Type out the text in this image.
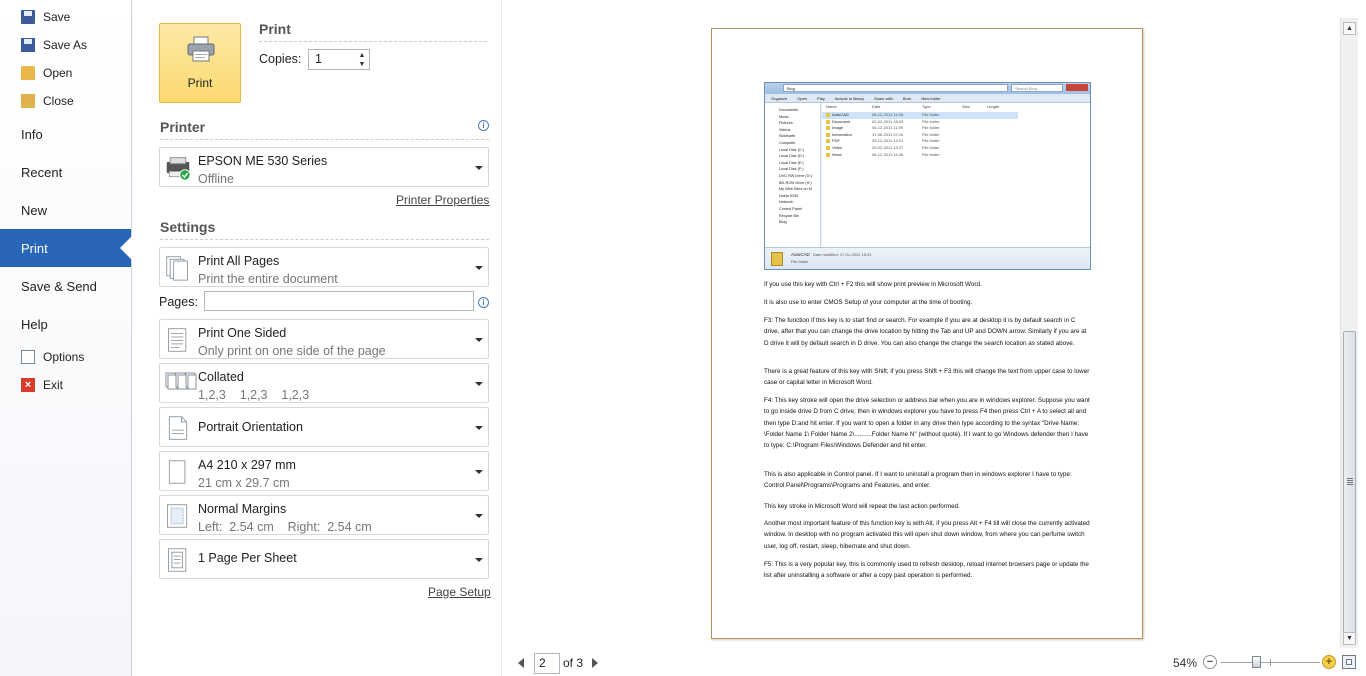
Save
Save As
Open
Close
Info
Recent
New
Print
Save & Send
Help
Options
× Exit
Print
Print
Copies:	1	▲
▼
Printer	i
EPSON ME 530 Series
Offline
Printer Properties
Settings
Print All Pages
Print the entire document
Pages:	i
Print One Sided
Only print on one side of the page
Collated
1,2,3    1,2,3    1,2,3
Portrait Orientation
A4 210 x 297 mm
21 cm x 29.7 cm
Normal Margins
Left:  2.54 cm    Right:  2.54 cm
1 Page Per Sheet
Page Setup
Blog	Search Blog
Organize	Open	Play	Include in library	Share with	Burn	New folder
Documents
Music
Pictures
Videos
Siddharth
Computer
Local Disk (C:)
Local Disk (D:)
Local Disk (E:)
Local Disk (F:)
DVD RW Drive (G:)
BD-ROM Drive (H:)
My Web Sites on M
Nokia 5230
Network
Control Panel
Recycle Bin
Blog
Name	Date	Type	Size	Length
AutoCAD	06-12-2011 11:08	File folder
Document	02-02-2011 18:03	File folder
Image	06-12-2011 11:59	File folder
Information	17-06-2011 22:10	File folder
PDF	29-12-2011 13:21	File folder
Video	20-02-2011 19:27	File folder
Word	06-12-2011 11:08	File folder
AutoCAD Date modified: 17-01-2012 15:41
File folder
If you use this key with Ctrl + F2 this will show print preview in Microsoft Word.
It is also use to enter CMOS Setup of your computer at the time of booting.
F3: The function if this key is to start find or search. For example if you are at desktop it is by default search in C drive, after that you can change the drive location by hitting the Tab and UP and DOWN arrow. Similarly if you are at D drive it will by default search in D drive. You can also change the change the search location as stated above.
There is a great feature of this key with Shift; if you press Shift + F3 this will change the text from upper case to lower case or capital letter in Microsoft Word.
F4: This key stroke will open the drive selection or address bar when you are in windows explorer. Suppose you want to go inside drive D from C drive, then in windows explorer you have to press F4 then press Ctrl + A to select all and then type D:and hit enter. If you want to open a folder in any drive then type according to the syntax "Drive Name: \Folder Name 1\ Folder Name 2\..........Folder Name N" (without quote). If I want to go Windows defender then I have to type: C:\Program Files\Windows Defender and hit enter.
This is also applicable in Control panel. If I want to uninstall a program then in windows explorer I have to type: Control Panel\Programs\Programs and Features, and enter.
This key stroke in Microsoft Word will repeat the last action performed.
Another most important feature of this function key is with Alt, if you press Alt + F4 till will close the currently activated window. In desktop with no program activated this will open shut down window, from where you can perfume switch user, log off, restart, sleep, hibernate and shut down.
F5: This is a very popular key, this is commonly used to refresh desktop, reload internet browsers page or update the list after uninstalling a software or after a copy past operation is performed.
▲
▼
2	of 3	54% −	+
